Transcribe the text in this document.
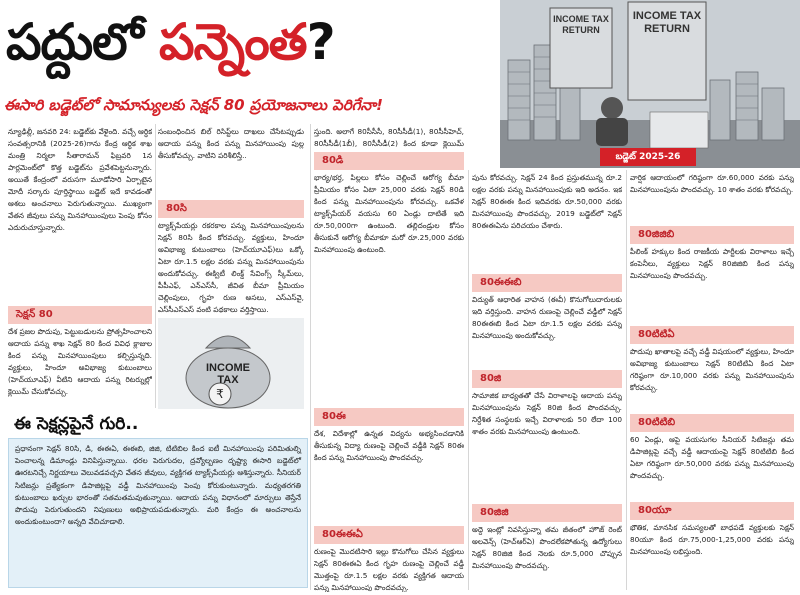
పద్దులో పన్నెంత?
ఈసారి బడ్జెట్‌లో సామాన్యులకు సెక్షన్ 80 ప్రయోజనాలు పెరిగేనా!
INCOME TAX RETURN
INCOME TAX RETURN
బడ్జెట్ 2025-26

న్యూఢిల్లీ, జనవరి 24: బడ్జెట్‌కు వేళైంది. వచ్చే ఆర్థిక సంవత్సరానికి (2025-26)గాను కేంద్ర ఆర్థిక శాఖ మంత్రి నిర్మలా సీతారామన్ ఫిబ్రవరి 1న పార్లమెంట్‌లో కొత్త బడ్జెట్‌ను ప్రవేశపెట్టనున్నారు. అయితే కేంద్రంలో వరుసగా మూడోసారి ఏర్పాటైన మోదీ సర్కారు పూర్తిస్థాయి బడ్జెట్ ఇదే కావడంతో ఆశలు అంచనాలు పెరుగుతున్నాయి. ముఖ్యంగా వేతన జీవులు పన్ను మినహాయింపులు పెంపు కోసం ఎదురుచూస్తున్నారు.

సెక్షన్ 80

దేశ ప్రజల పొదుపు, పెట్టుబడులను ప్రోత్సహించాలని ఆదాయ పన్ను శాఖ సెక్షన్ 80 కింద వివిధ క్లాజుల కింద పన్ను మినహాయింపులు కల్పిస్తున్నది. వ్యక్తులు, హిందూ అవిభాజ్య కుటుంబాలు (హెచ్‌యూఎఫ్) వీటిని ఆదాయ పన్ను రిటర్నుల్లో క్లెయిమ్ చేసుకోవచ్చు.

సంబంధించిన బిల్‌ రిసిప్ట్‌లు దాఖలు చేసేటప్పుడు ఆదాయ పన్ను కింద పన్ను మినహాయింపు పుల్ల తీసుకోవచ్చు. వాటిని పరిశీలిస్తే..

80సి

ట్యాక్స్‌పేయర్లు రకరకాల పన్ను మినహాయింపులను సెక్షన్ 80సి కింద కోరవచ్చు. వ్యక్తులు, హిందూ అవిభాజ్య కుటుంబాలు (హెచ్‌యూఎఫ్)లు ఒక్కో ఏటా రూ.1.5 లక్షల వరకు పన్ను మినహాయింపును అందుకోవచ్చు. ఈక్విటీ లింక్డ్ సేవింగ్స్ స్కీమ్‌లు, పీపీఎఫ్, ఎన్‌ఎస్‌సీ, జీవిత బీమా ప్రీమియం చెల్లింపులు, గృహ రుణ అసలు, ఎస్‌ఎస్‌వై, ఎస్‌సీఎస్‌ఎస్ వంటి పథకాలు వర్తిస్తాయి.

INCOME TAX
₹
ఈ సెక్షన్లపైనే గురి..

ప్రధానంగా సెక్షన్ 80సి, డి, ఈఈఏ, ఈఈబి, జిజి, టిటిబిల కింద ఐటీ మినహాయింపు పరిమితుల్ని పెంచాలన్న డిమాండ్లు వినిపిస్తున్నాయి. ధరల పెరుగుదల, ద్రవ్యోల్బణం దృష్ట్యా ఈసారి బడ్జెట్‌లో ఊరటనిచ్చే నిర్ణయాలు వెలువడవచ్చని వేతన జీవులు, వ్యక్తిగత ట్యాక్స్‌పేయర్లు ఆశిస్తున్నారు. సీనియర్ సిటిజన్లు ప్రత్యేకంగా డిపాజిట్లపై వడ్డీ మినహాయింపు పెంపు కోరుకుంటున్నారు. మధ్యతరగతి కుటుంబాలు ఖర్చుల భారంతో సతమతమవుతున్నాయి. ఆదాయ పన్ను విధానంలో మార్పులు తెస్తేనే పొదుపు పెరుగుతుందని నిపుణులు అభిప్రాయపడుతున్నారు. మరి కేంద్రం ఈ అంచనాలను అందుకుంటుందా? అన్నది వేచిచూడాలి.

స్తుంది. అలాగే 80సీసీసీ, 80సీసీడీ(1), 80సీసీహెచ్, 80సీసీడీ(1బీ), 80సీసీడీ(2) కింద కూడా క్లెయిమ్

80డి

భార్య/భర్త, పిల్లలు కోసం చెల్లించే ఆరోగ్య బీమా ప్రీమియం కోసం ఏటా 25,000 వరకు సెక్షన్ 80డి కింద పన్ను మినహాయింపును కోరవచ్చు. ఒకవేళ ట్యాక్స్‌పేయర్ వయసు 60 ఏండ్లు దాటితే ఇది రూ.50,000గా ఉంటుంది. తల్లిదండ్రుల కోసం తీసుకునే ఆరోగ్య బీమాకూ మరో రూ.25,000 వరకు మినహాయింపు ఉంటుంది.

80ఈ

దేశ, విదేశాల్లో ఉన్నత విద్యను అభ్యసించడానికి తీసుకున్న విద్యా రుణంపై చెల్లించే వడ్డీకి సెక్షన్ 80ఈ కింద పన్ను మినహాయింపు పొందవచ్చు.

80ఈఈఏ

రుణంపై మొదటిసారి ఇల్లు కొనుగోలు చేసిన వ్యక్తులు సెక్షన్ 80ఈఈఏ కింద గృహ రుణంపై చెల్లించే వడ్డీ మొత్తంపై రూ.1.5 లక్షల వరకు వ్యక్తిగత ఆదాయ పన్ను మినహాయింపు పొందవచ్చు.

పును కోరవచ్చు. సెక్షన్ 24 కింద ప్రస్తుతమున్న రూ.2 లక్షల వరకు పన్ను మినహాయింపుకు ఇది అదనం. ఇక సెక్షన్ 80ఈఈ కింద ఇదివరకు రూ.50,000 వరకు మినహాయింపు పొందవచ్చు. 2019 బడ్జెట్‌లో సెక్షన్ 80ఈఈఏను పరిచయం చేశారు.

80ఈఈబి

విద్యుత్ ఆధారిత వాహన (ఈవీ) కొనుగోలుదారులకు ఇది వర్తిస్తుంది. వాహన రుణంపై చెల్లించే వడ్డీలో సెక్షన్ 80ఈఈబి కింద ఏటా రూ.1.5 లక్షల వరకు పన్ను మినహాయింపు అందుకోవచ్చు.

80జి

సామాజిక బాధ్యతతో చేసే విరాళాలపై ఆదాయ పన్ను మినహాయింపును సెక్షన్ 80జి కింద పొందవచ్చు. నిర్దేశిత సంస్థలకు ఇచ్చే విరాళాలకు 50 లేదా 100 శాతం వరకు మినహాయింపు ఉంటుంది.

80జిజి

అద్దె ఇంట్లో నివసిస్తున్నా తమ జీతంలో హౌజ్ రెంట్ అలవెన్స్ (హెచ్‌ఆర్‌ఏ) పొందలేకపోతున్న ఉద్యోగులు సెక్షన్ 80జిజి కింద నెలకు రూ.5,000 చొప్పున మినహాయింపు పొందవచ్చు.

వార్షిక ఆదాయంలో గరిష్ఠంగా రూ.60,000 వరకు పన్ను మినహాయింపును పొందవచ్చు. 10 శాతం వరకు కోరవచ్చు.

80జిజిబి

పీలింక్ హక్కుల కింద రాజకీయ పార్టీలకు విరాళాలు ఇచ్చే కంపెనీలు, వ్యక్తులు సెక్షన్ 80జిజిబి కింద పన్ను మినహాయింపు పొందవచ్చు.

80టిటిఏ

పొదుపు ఖాతాలపై వచ్చే వడ్డీ విషయంలో వ్యక్తులు, హిందూ అవిభాజ్య కుటుంబాలు సెక్షన్ 80టిటిఏ కింద ఏటా గరిష్ఠంగా రూ.10,000 వరకు పన్ను మినహాయింపును కోరవచ్చు.

80టిటిబి

60 ఏండ్లు, ఆపై వయసుగల సీనియర్ సిటిజన్లు తమ డిపాజిట్లపై వచ్చే వడ్డీ ఆదాయంపై సెక్షన్ 80టిటిబి కింద ఏటా గరిష్ఠంగా రూ.50,000 వరకు పన్ను మినహాయింపు పొందవచ్చు.

80యూ

భౌతిక, మానసిక సమస్యలతో బాధపడే వ్యక్తులకు సెక్షన్ 80యూ కింద రూ.75,000-1,25,000 వరకు పన్ను మినహాయింపు లభిస్తుంది.
